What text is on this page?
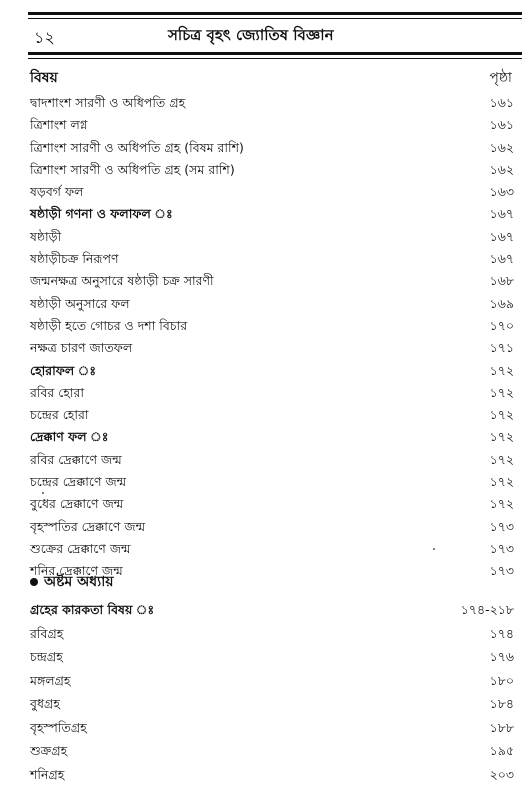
১২	সচিত্র বৃহৎ জ্যোতিষ বিজ্ঞান
বিষয়	পৃষ্ঠা
দ্বাদশাংশ সারণী ও অধিপতি গ্রহ	১৬১
ত্রিশাংশ লগ্ন	১৬১
ত্রিশাংশ সারণী ও অধিপতি গ্রহ (বিষম রাশি)	১৬২
ত্রিশাংশ সারণী ও অধিপতি গ্রহ (সম রাশি)	১৬২
ষড়বর্গ ফল	১৬৩
ষষ্ঠাড়ী গণনা ও ফলাফল ঃ	১৬৭
ষষ্ঠাড়ী	১৬৭
ষষ্ঠাড়ীচক্র নিরূপণ	১৬৭
জন্মনক্ষত্র অনুসারে ষষ্ঠাড়ী চক্র সারণী	১৬৮
ষষ্ঠাড়ী অনুসারে ফল	১৬৯
ষষ্ঠাড়ী হতে গোচর ও দশা বিচার	১৭০
নক্ষত্র চারণ জাতফল	১৭১
হোরাফল ঃ	১৭২
রবির হোরা	১৭২
চন্দ্রের হোরা	১৭২
দ্রেক্কাণ ফল ঃ	১৭২
রবির দ্রেক্কাণে জন্ম	১৭২
চন্দ্রের দ্রেক্কাণে জন্ম	১৭২
বুধের দ্রেক্কাণে জন্ম	১৭২
বৃহস্পতির দ্রেক্কাণে জন্ম	১৭৩
শুক্রের দ্রেক্কাণে জন্ম	১৭৩
শনির দ্রেক্কাণে জন্ম	১৭৩
অষ্টম অধ্যায়
গ্রহের কারকতা বিষয় ঃ	১৭৪-২১৮
রবিগ্রহ	১৭৪
চন্দ্রগ্রহ	১৭৬
মঙ্গলগ্রহ	১৮০
বুধগ্রহ	১৮৪
বৃহস্পতিগ্রহ	১৮৮
শুক্রগ্রহ	১৯৫
শনিগ্রহ	২০৩
